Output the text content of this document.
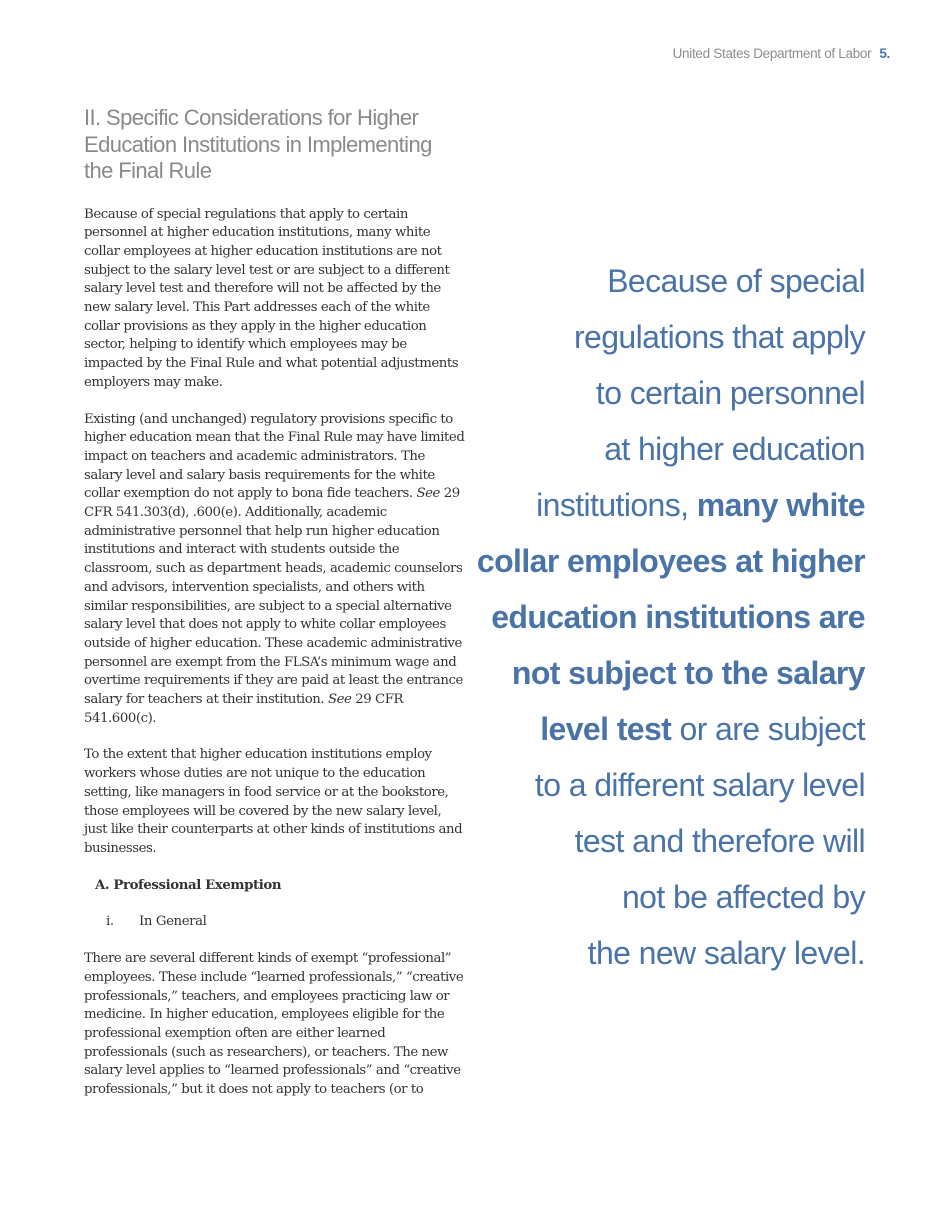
United States Department of Labor 5.
II. Specific Considerations for Higher
Education Institutions in Implementing
the Final Rule

Because of special regulations that apply to certain personnel at higher education institutions, many white collar employees at higher education institutions are not subject to the salary level test or are subject to a different salary level test and therefore will not be affected by the new salary level. This Part addresses each of the white collar provisions as they apply in the higher education sector, helping to identify which employees may be impacted by the Final Rule and what potential adjustments employers may make.

Existing (and unchanged) regulatory provisions specific to higher education mean that the Final Rule may have limited impact on teachers and academic administrators. The salary level and salary basis requirements for the white collar exemption do not apply to bona fide teachers. See 29 CFR 541.303(d), .600(e). Additionally, academic administrative personnel that help run higher education institutions and interact with students outside the classroom, such as department heads, academic counselors and advisors, intervention specialists, and others with similar responsibilities, are subject to a special alternative salary level that does not apply to white collar employees outside of higher education. These academic administrative personnel are exempt from the FLSA’s minimum wage and overtime requirements if they are paid at least the entrance salary for teachers at their institution. See 29 CFR 541.600(c).

To the extent that higher education institutions employ workers whose duties are not unique to the education setting, like managers in food service or at the bookstore, those employees will be covered by the new salary level, just like their counterparts at other kinds of institutions and businesses.

A. Professional Exemption
i. In General

There are several different kinds of exempt “professional” employees. These include “learned professionals,” “creative professionals,” teachers, and employees practicing law or medicine. In higher education, employees eligible for the professional exemption often are either learned professionals (such as researchers), or teachers. The new salary level applies to “learned professionals” and “creative professionals,” but it does not apply to teachers (or to

Because of special
regulations that apply
to certain personnel
at higher education
institutions, many white
collar employees at higher
education institutions are
not subject to the salary
level test or are subject
to a different salary level
test and therefore will
not be affected by
the new salary level.
